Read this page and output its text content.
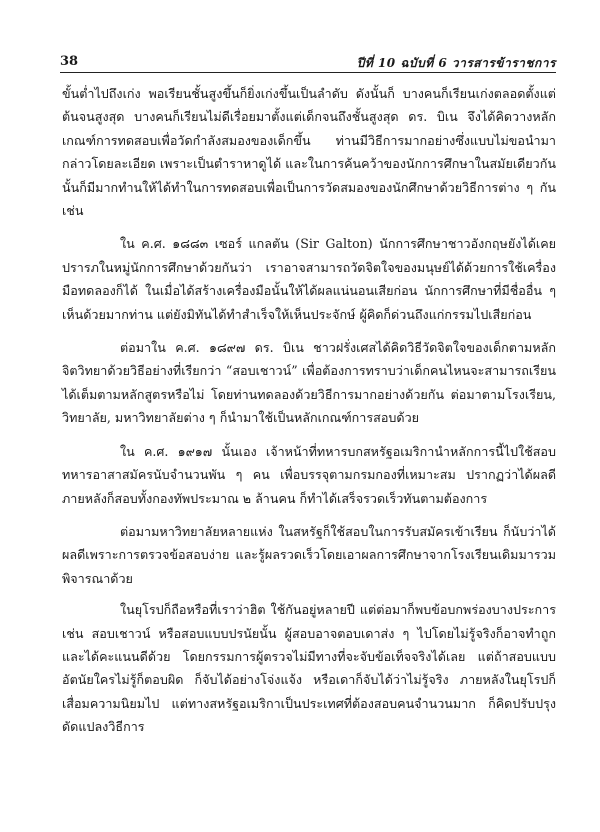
38	ปีที่ 10 ฉบับที่ 6 วารสารข้าราชการ

ขั้นต่ำไปถึงเก่ง พอเรียนชั้นสูงขึ้นก็ยิ่งเก่งขึ้นเป็นลำดับ ดังนั้นก็ บางคนก็เรียนเก่งตลอดตั้งแต่ต้นจนสูงสุด บางคนก็เรียนไม่ดีเรื่อยมาตั้งแต่เด็กจนถึงชั้นสูงสุด ดร. บิเน จึงได้คิดวางหลักเกณฑ์การทดสอบเพื่อวัดกำลังสมองของเด็กขึ้น ท่านมีวิธีการมากอย่างซึ่งแบบไม่ขอนำมากล่าวโดยละเอียด เพราะเป็นตำราหาดูได้ และในการค้นคว้าของนักการศึกษาในสมัยเดียวกันนั้นก็มีมากทำนให้ได้ทำในการทดสอบเพื่อเป็นการวัดสมองของนักศึกษาด้วยวิธีการต่าง ๆ กัน เช่น

ใน ค.ศ. ๑๘๘๓ เซอร์ แกลตัน (Sir Galton) นักการศึกษาชาวอังกฤษยังได้เคยปรารภในหมู่นักการศึกษาด้วยกันว่า เราอาจสามารถวัดจิตใจของมนุษย์ได้ด้วยการใช้เครื่องมือทดลองก็ได้ ในเมื่อได้สร้างเครื่องมือนั้นให้ได้ผลแน่นอนเสียก่อน นักการศึกษาที่มีชื่ออื่น ๆ เห็นด้วยมากท่าน แต่ยังมิทันได้ทำสำเร็จให้เห็นประจักษ์ ผู้คิดก็ด่วนถึงแก่กรรมไปเสียก่อน

ต่อมาใน ค.ศ. ๑๘๙๗ ดร. บิเน ชาวฝรั่งเศสได้คิดวิธีวัดจิตใจของเด็กตามหลักจิตวิทยาด้วยวิธีอย่างที่เรียกว่า “สอบเชาวน์” เพื่อต้องการทราบว่าเด็กคนไหนจะสามารถเรียนได้เต็มตามหลักสูตรหรือไม่ โดยท่านทดลองด้วยวิธีการมากอย่างด้วยกัน ต่อมาตามโรงเรียน, วิทยาลัย, มหาวิทยาลัยต่าง ๆ ก็นำมาใช้เป็นหลักเกณฑ์การสอบด้วย

ใน ค.ศ. ๑๙๑๗ นั้นเอง เจ้าหน้าที่ทหารบกสหรัฐอเมริกานำหลักการนี้ไปใช้สอบทหารอาสาสมัครนับจำนวนพัน ๆ คน เพื่อบรรจุตามกรมกองที่เหมาะสม ปรากฏว่าได้ผลดี ภายหลังก็สอบทั้งกองทัพประมาณ ๒ ล้านคน ก็ทำได้เสร็จรวดเร็วทันตามต้องการ

ต่อมามหาวิทยาลัยหลายแห่ง ในสหรัฐก็ใช้สอบในการรับสมัครเข้าเรียน ก็นับว่าได้ผลดีเพราะการตรวจข้อสอบง่าย และรู้ผลรวดเร็วโดยเอาผลการศึกษาจากโรงเรียนเดิมมารวมพิจารณาด้วย

ในยุโรปก็ถือหรือที่เราว่าฮิต ใช้กันอยู่หลายปี แต่ต่อมาก็พบข้อบกพร่องบางประการ เช่น สอบเชาวน์ หรือสอบแบบปรนัยนั้น ผู้สอบอาจตอบเดาส่ง ๆ ไปโดยไม่รู้จริงก็อาจทำถูกและได้คะแนนดีด้วย โดยกรรมการผู้ตรวจไม่มีทางที่จะจับข้อเท็จจริงได้เลย แต่ถ้าสอบแบบอัตนัยใครไม่รู้ก็ตอบผิด ก็จับได้อย่างโจ่งแจ้ง หรือเดาก็จับได้ว่าไม่รู้จริง ภายหลังในยุโรปก็เสื่อมความนิยมไป แต่ทางสหรัฐอเมริกาเป็นประเทศที่ต้องสอบคนจำนวนมาก ก็คิดปรับปรุงดัดแปลงวิธีการ
